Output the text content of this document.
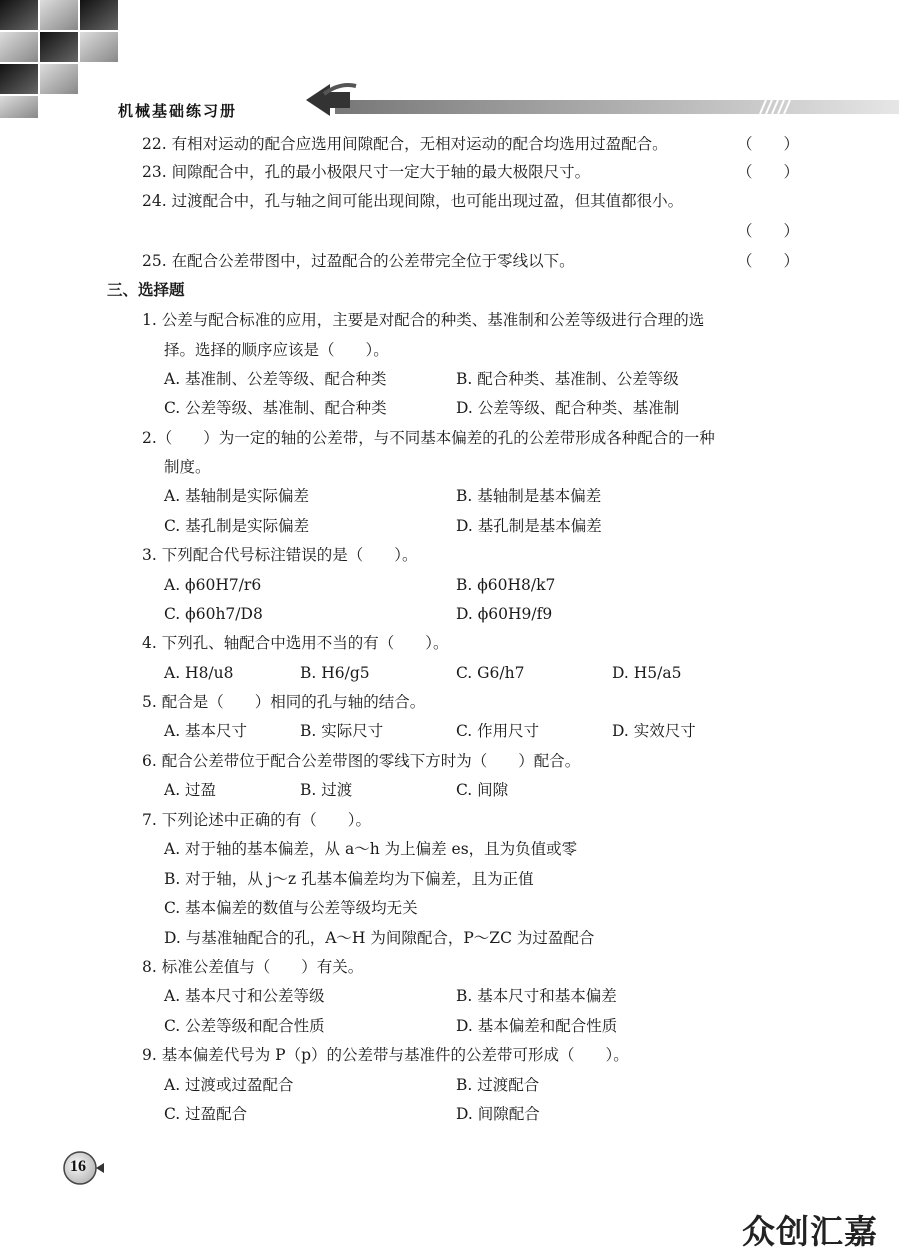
机械基础练习册
22. 有相对运动的配合应选用间隙配合，无相对运动的配合均选用过盈配合。	（　　）
23. 间隙配合中，孔的最小极限尺寸一定大于轴的最大极限尺寸。	（　　）
24. 过渡配合中，孔与轴之间可能出现间隙，也可能出现过盈，但其值都很小。
（　　）
25. 在配合公差带图中，过盈配合的公差带完全位于零线以下。	（　　）
三、选择题
1. 公差与配合标准的应用，主要是对配合的种类、基准制和公差等级进行合理的选
择。选择的顺序应该是（　　）。
A. 基准制、公差等级、配合种类	B. 配合种类、基准制、公差等级
C. 公差等级、基准制、配合种类	D. 公差等级、配合种类、基准制
2.（　　）为一定的轴的公差带，与不同基本偏差的孔的公差带形成各种配合的一种
制度。
A. 基轴制是实际偏差	B. 基轴制是基本偏差
C. 基孔制是实际偏差	D. 基孔制是基本偏差
3. 下列配合代号标注错误的是（　　）。
A. ϕ60H7/r6	B. ϕ60H8/k7
C. ϕ60h7/D8	D. ϕ60H9/f9
4. 下列孔、轴配合中选用不当的有（　　）。
A. H8/u8	B. H6/g5	C. G6/h7	D. H5/a5
5. 配合是（　　）相同的孔与轴的结合。
A. 基本尺寸	B. 实际尺寸	C. 作用尺寸	D. 实效尺寸
6. 配合公差带位于配合公差带图的零线下方时为（　　）配合。
A. 过盈	B. 过渡	C. 间隙
7. 下列论述中正确的有（　　）。
A. 对于轴的基本偏差，从 a～h 为上偏差 es，且为负值或零
B. 对于轴，从 j～z 孔基本偏差均为下偏差，且为正值
C. 基本偏差的数值与公差等级均无关
D. 与基准轴配合的孔，A～H 为间隙配合，P～ZC 为过盈配合
8. 标准公差值与（　　）有关。
A. 基本尺寸和公差等级	B. 基本尺寸和基本偏差
C. 公差等级和配合性质	D. 基本偏差和配合性质
9. 基本偏差代号为 P（p）的公差带与基准件的公差带可形成（　　）。
A. 过渡或过盈配合	B. 过渡配合
C. 过盈配合	D. 间隙配合
16
众创汇嘉
